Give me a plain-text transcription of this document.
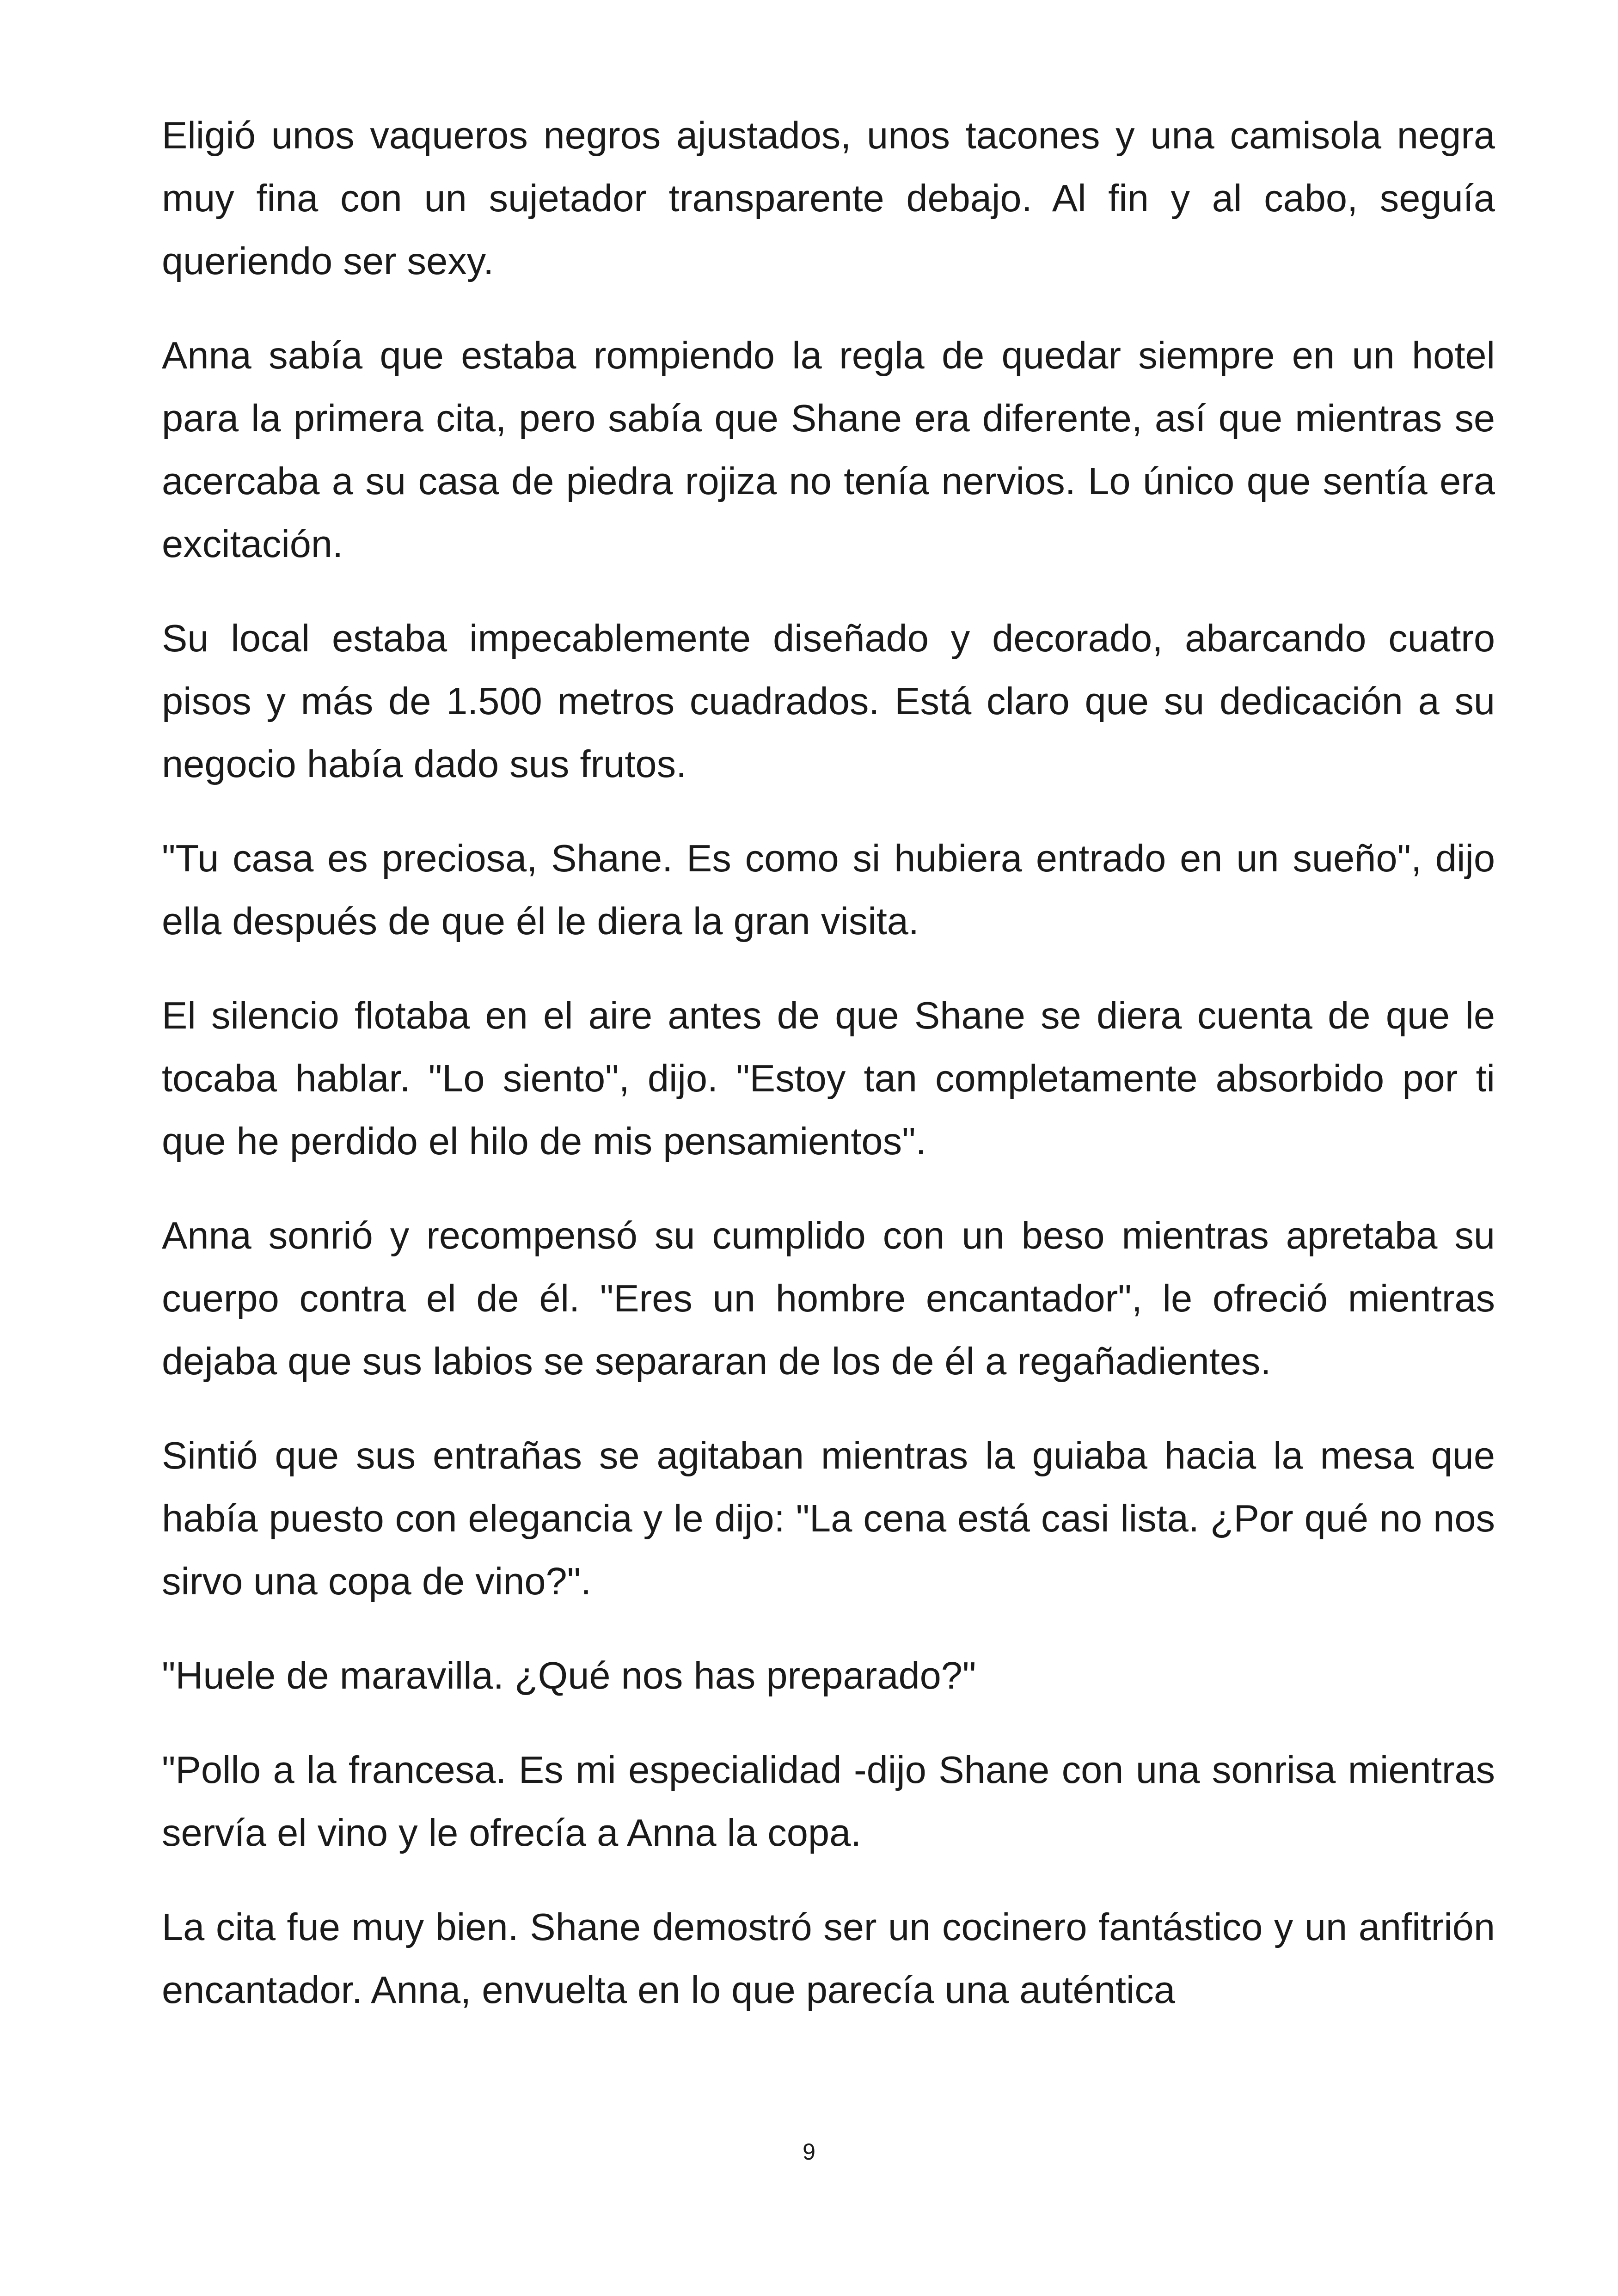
Eligió unos vaqueros negros ajustados, unos tacones y una camisola negra muy fina con un sujetador transparente debajo. Al fin y al cabo, seguía queriendo ser sexy.

Anna sabía que estaba rompiendo la regla de quedar siempre en un hotel para la primera cita, pero sabía que Shane era diferente, así que mientras se acercaba a su casa de piedra rojiza no tenía nervios. Lo único que sentía era excitación.

Su local estaba impecablemente diseñado y decorado, abarcando cuatro pisos y más de 1.500 metros cuadrados. Está claro que su dedicación a su negocio había dado sus frutos.

"Tu casa es preciosa, Shane. Es como si hubiera entrado en un sueño", dijo ella después de que él le diera la gran visita.

El silencio flotaba en el aire antes de que Shane se diera cuenta de que le tocaba hablar. "Lo siento", dijo. "Estoy tan completamente absorbido por ti que he perdido el hilo de mis pensamientos".

Anna sonrió y recompensó su cumplido con un beso mientras apretaba su cuerpo contra el de él. "Eres un hombre encantador", le ofreció mientras dejaba que sus labios se separaran de los de él a regañadientes.

Sintió que sus entrañas se agitaban mientras la guiaba hacia la mesa que había puesto con elegancia y le dijo: "La cena está casi lista. ¿Por qué no nos sirvo una copa de vino?".

"Huele de maravilla. ¿Qué nos has preparado?"

"Pollo a la francesa. Es mi especialidad -dijo Shane con una sonrisa mientras servía el vino y le ofrecía a Anna la copa.

La cita fue muy bien. Shane demostró ser un cocinero fantástico y un anfitrión encantador. Anna, envuelta en lo que parecía una auténtica

9
